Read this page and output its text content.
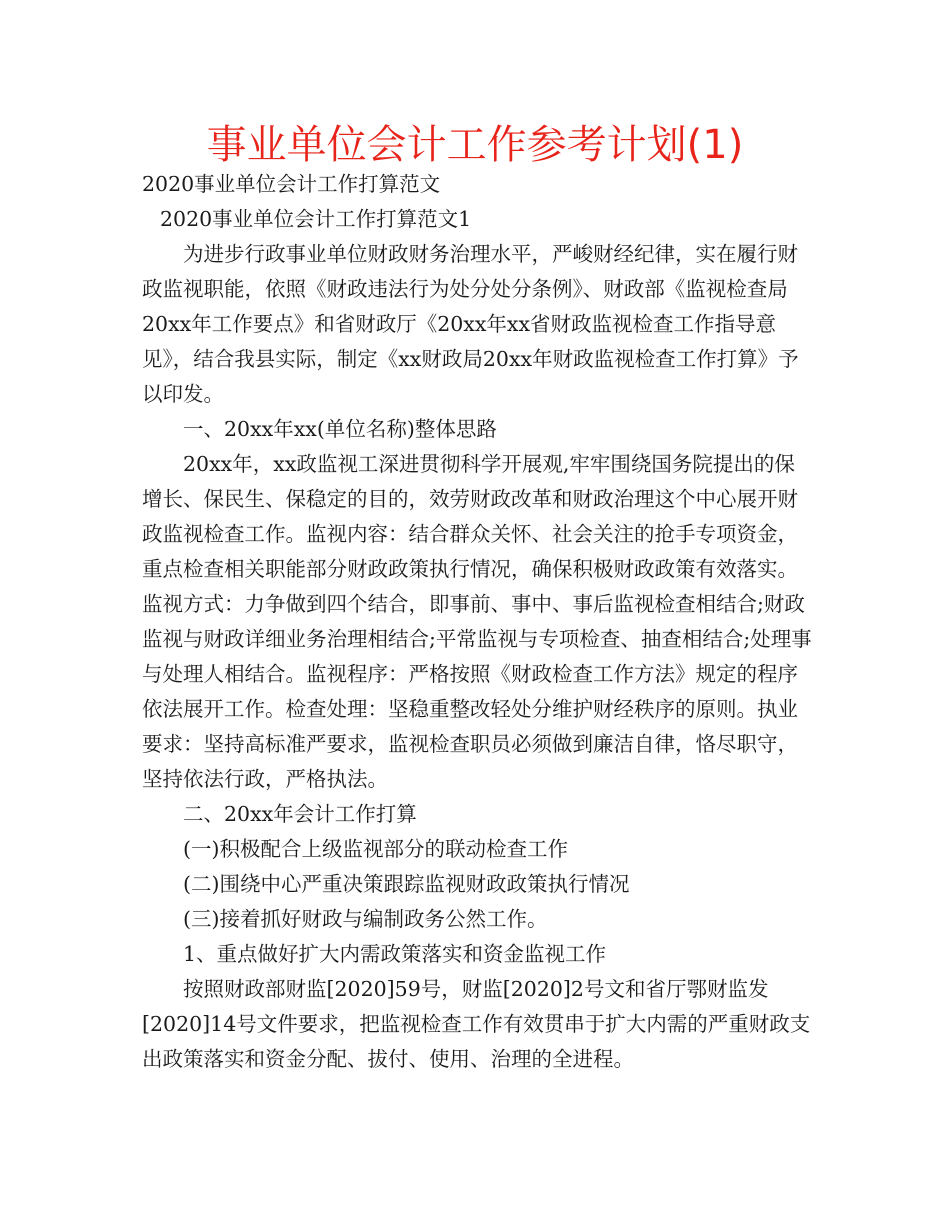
事业单位会计工作参考计划(1)

2020事业单位会计工作打算范文

2020事业单位会计工作打算范文1

为进步行政事业单位财政财务治理水平，严峻财经纪律，实在履行财政监视职能，依照《财政违法行为处分处分条例》、财政部《监视检查局20xx年工作要点》和省财政厅《20xx年xx省财政监视检查工作指导意见》，结合我县实际，制定《xx财政局20xx年财政监视检查工作打算》予以印发。

一、20xx年xx(单位名称)整体思路

20xx年，xx政监视工深进贯彻科学开展观,牢牢围绕国务院提出的保增长、保民生、保稳定的目的，效劳财政改革和财政治理这个中心展开财政监视检查工作。监视内容：结合群众关怀、社会关注的抢手专项资金，重点检查相关职能部分财政政策执行情况，确保积极财政政策有效落实。监视方式：力争做到四个结合，即事前、事中、事后监视检查相结合;财政监视与财政详细业务治理相结合;平常监视与专项检查、抽查相结合;处理事与处理人相结合。监视程序：严格按照《财政检查工作方法》规定的程序依法展开工作。检查处理：坚稳重整改轻处分维护财经秩序的原则。执业要求：坚持高标准严要求，监视检查职员必须做到廉洁自律，恪尽职守，坚持依法行政，严格执法。

二、20xx年会计工作打算

(一)积极配合上级监视部分的联动检查工作

(二)围绕中心严重决策跟踪监视财政政策执行情况

(三)接着抓好财政与编制政务公然工作。

1、重点做好扩大内需政策落实和资金监视工作

按照财政部财监[2020]59号，财监[2020]2号文和省厅鄂财监发[2020]14号文件要求，把监视检查工作有效贯串于扩大内需的严重财政支出政策落实和资金分配、拔付、使用、治理的全进程。
